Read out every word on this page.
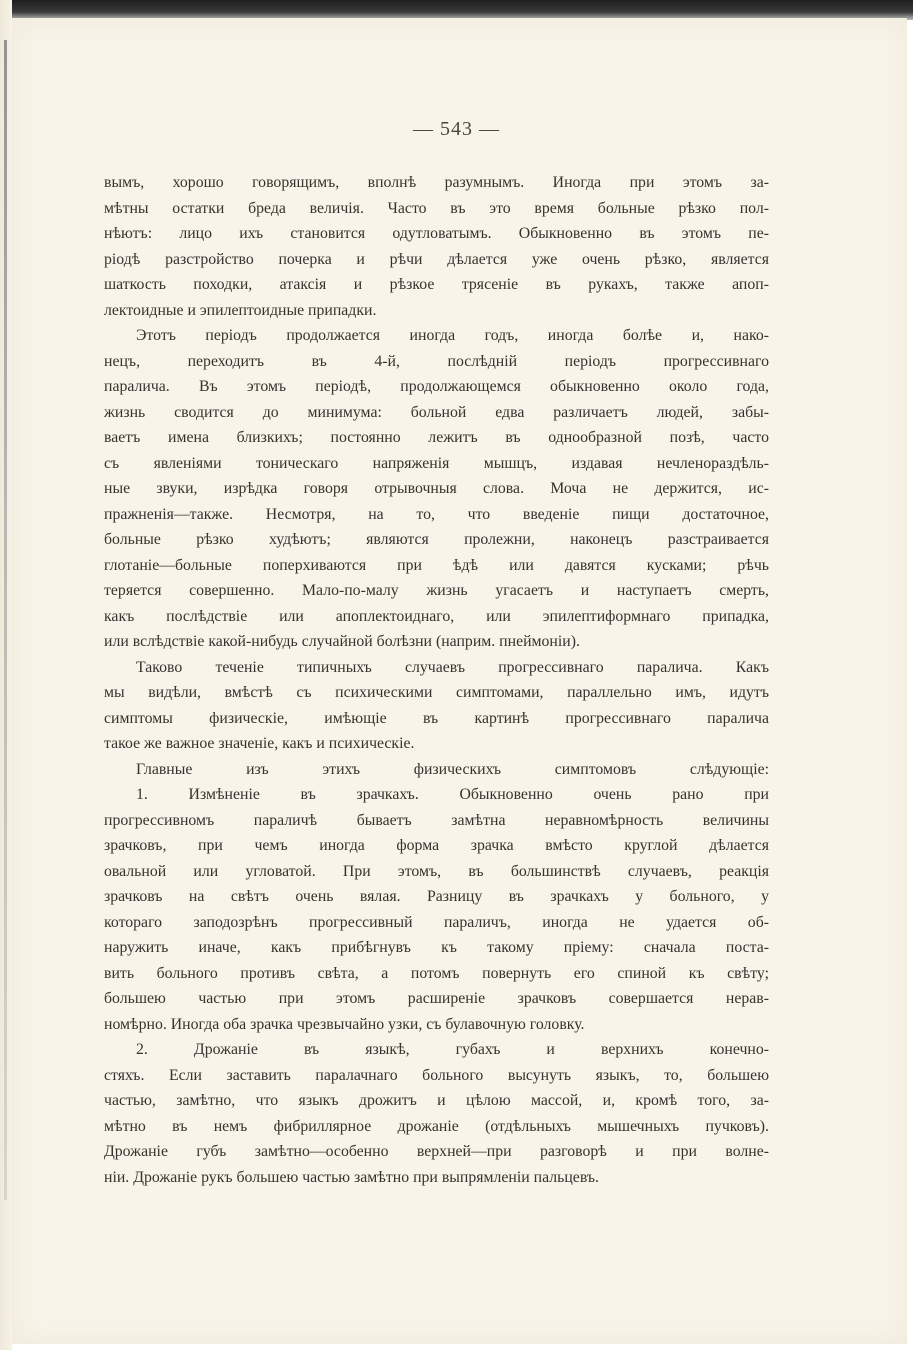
— 543 —
вымъ, хорошо говорящимъ, вполнѣ разумнымъ. Иногда при этомъ за-
мѣтны остатки бреда величія. Часто въ это время больные рѣзко пол-
нѣютъ: лицо ихъ становится одутловатымъ. Обыкновенно въ этомъ пе-
ріодѣ разстройство почерка и рѣчи дѣлается уже очень рѣзко, является
шаткость походки, атаксія и рѣзкое трясеніе въ рукахъ, также апоп-
лектоидные и эпилептоидные припадки.
Этотъ періодъ продолжается иногда годъ, иногда болѣе и, нако-
нецъ, переходитъ въ 4-й, послѣдній періодъ прогрессивнаго
паралича. Въ этомъ періодѣ, продолжающемся обыкновенно около года,
жизнь сводится до минимума: больной едва различаетъ людей, забы-
ваетъ имена близкихъ; постоянно лежитъ въ однообразной позѣ, часто
съ явленіями тоническаго напряженія мышцъ, издавая нечленораздѣль-
ные звуки, изрѣдка говоря отрывочныя слова. Моча не держится, ис-
пражненія—также. Несмотря, на то, что введеніе пищи достаточное,
больные рѣзко худѣютъ; являются пролежни, наконецъ разстраивается
глотаніе—больные поперхиваются при ѣдѣ или давятся кусками; рѣчь
теряется совершенно. Мало-по-малу жизнь угасаетъ и наступаетъ смерть,
какъ послѣдствіе или апоплектоиднаго, или эпилептиформнаго припадка,
или вслѣдствіе какой-нибудь случайной болѣзни (наприм. пнеймоніи).
Таково теченіе типичныхъ случаевъ прогрессивнаго паралича. Какъ
мы видѣли, вмѣстѣ съ психическими симптомами, параллельно имъ, идутъ
симптомы физическіе, имѣющіе въ картинѣ прогрессивнаго паралича
такое же важное значеніе, какъ и психическіе.
Главные изъ этихъ физическихъ симптомовъ слѣдующіе:
1. Измѣненіе въ зрачкахъ. Обыкновенно очень рано при
прогрессивномъ параличѣ бываетъ замѣтна неравномѣрность величины
зрачковъ, при чемъ иногда форма зрачка вмѣсто круглой дѣлается
овальной или угловатой. При этомъ, въ большинствѣ случаевъ, реакція
зрачковъ на свѣтъ очень вялая. Разницу въ зрачкахъ у больного, у
котораго заподозрѣнъ прогрессивный параличъ, иногда не удается об-
наружить иначе, какъ прибѣгнувъ къ такому пріему: сначала поста-
вить больного противъ свѣта, а потомъ повернуть его спиной къ свѣту;
большею частью при этомъ расширеніе зрачковъ совершается нерав-
номѣрно. Иногда оба зрачка чрезвычайно узки, съ булавочную головку.
2. Дрожаніе въ языкѣ, губахъ и верхнихъ конечно-
стяхъ. Если заставить паралачнаго больного высунуть языкъ, то, большею
частью, замѣтно, что языкъ дрожитъ и цѣлою массой, и, кромѣ того, за-
мѣтно въ немъ фибриллярное дрожаніе (отдѣльныхъ мышечныхъ пучковъ).
Дрожаніе губъ замѣтно—особенно верхней—при разговорѣ и при волне-
ніи. Дрожаніе рукъ большею частью замѣтно при выпрямленіи пальцевъ.
